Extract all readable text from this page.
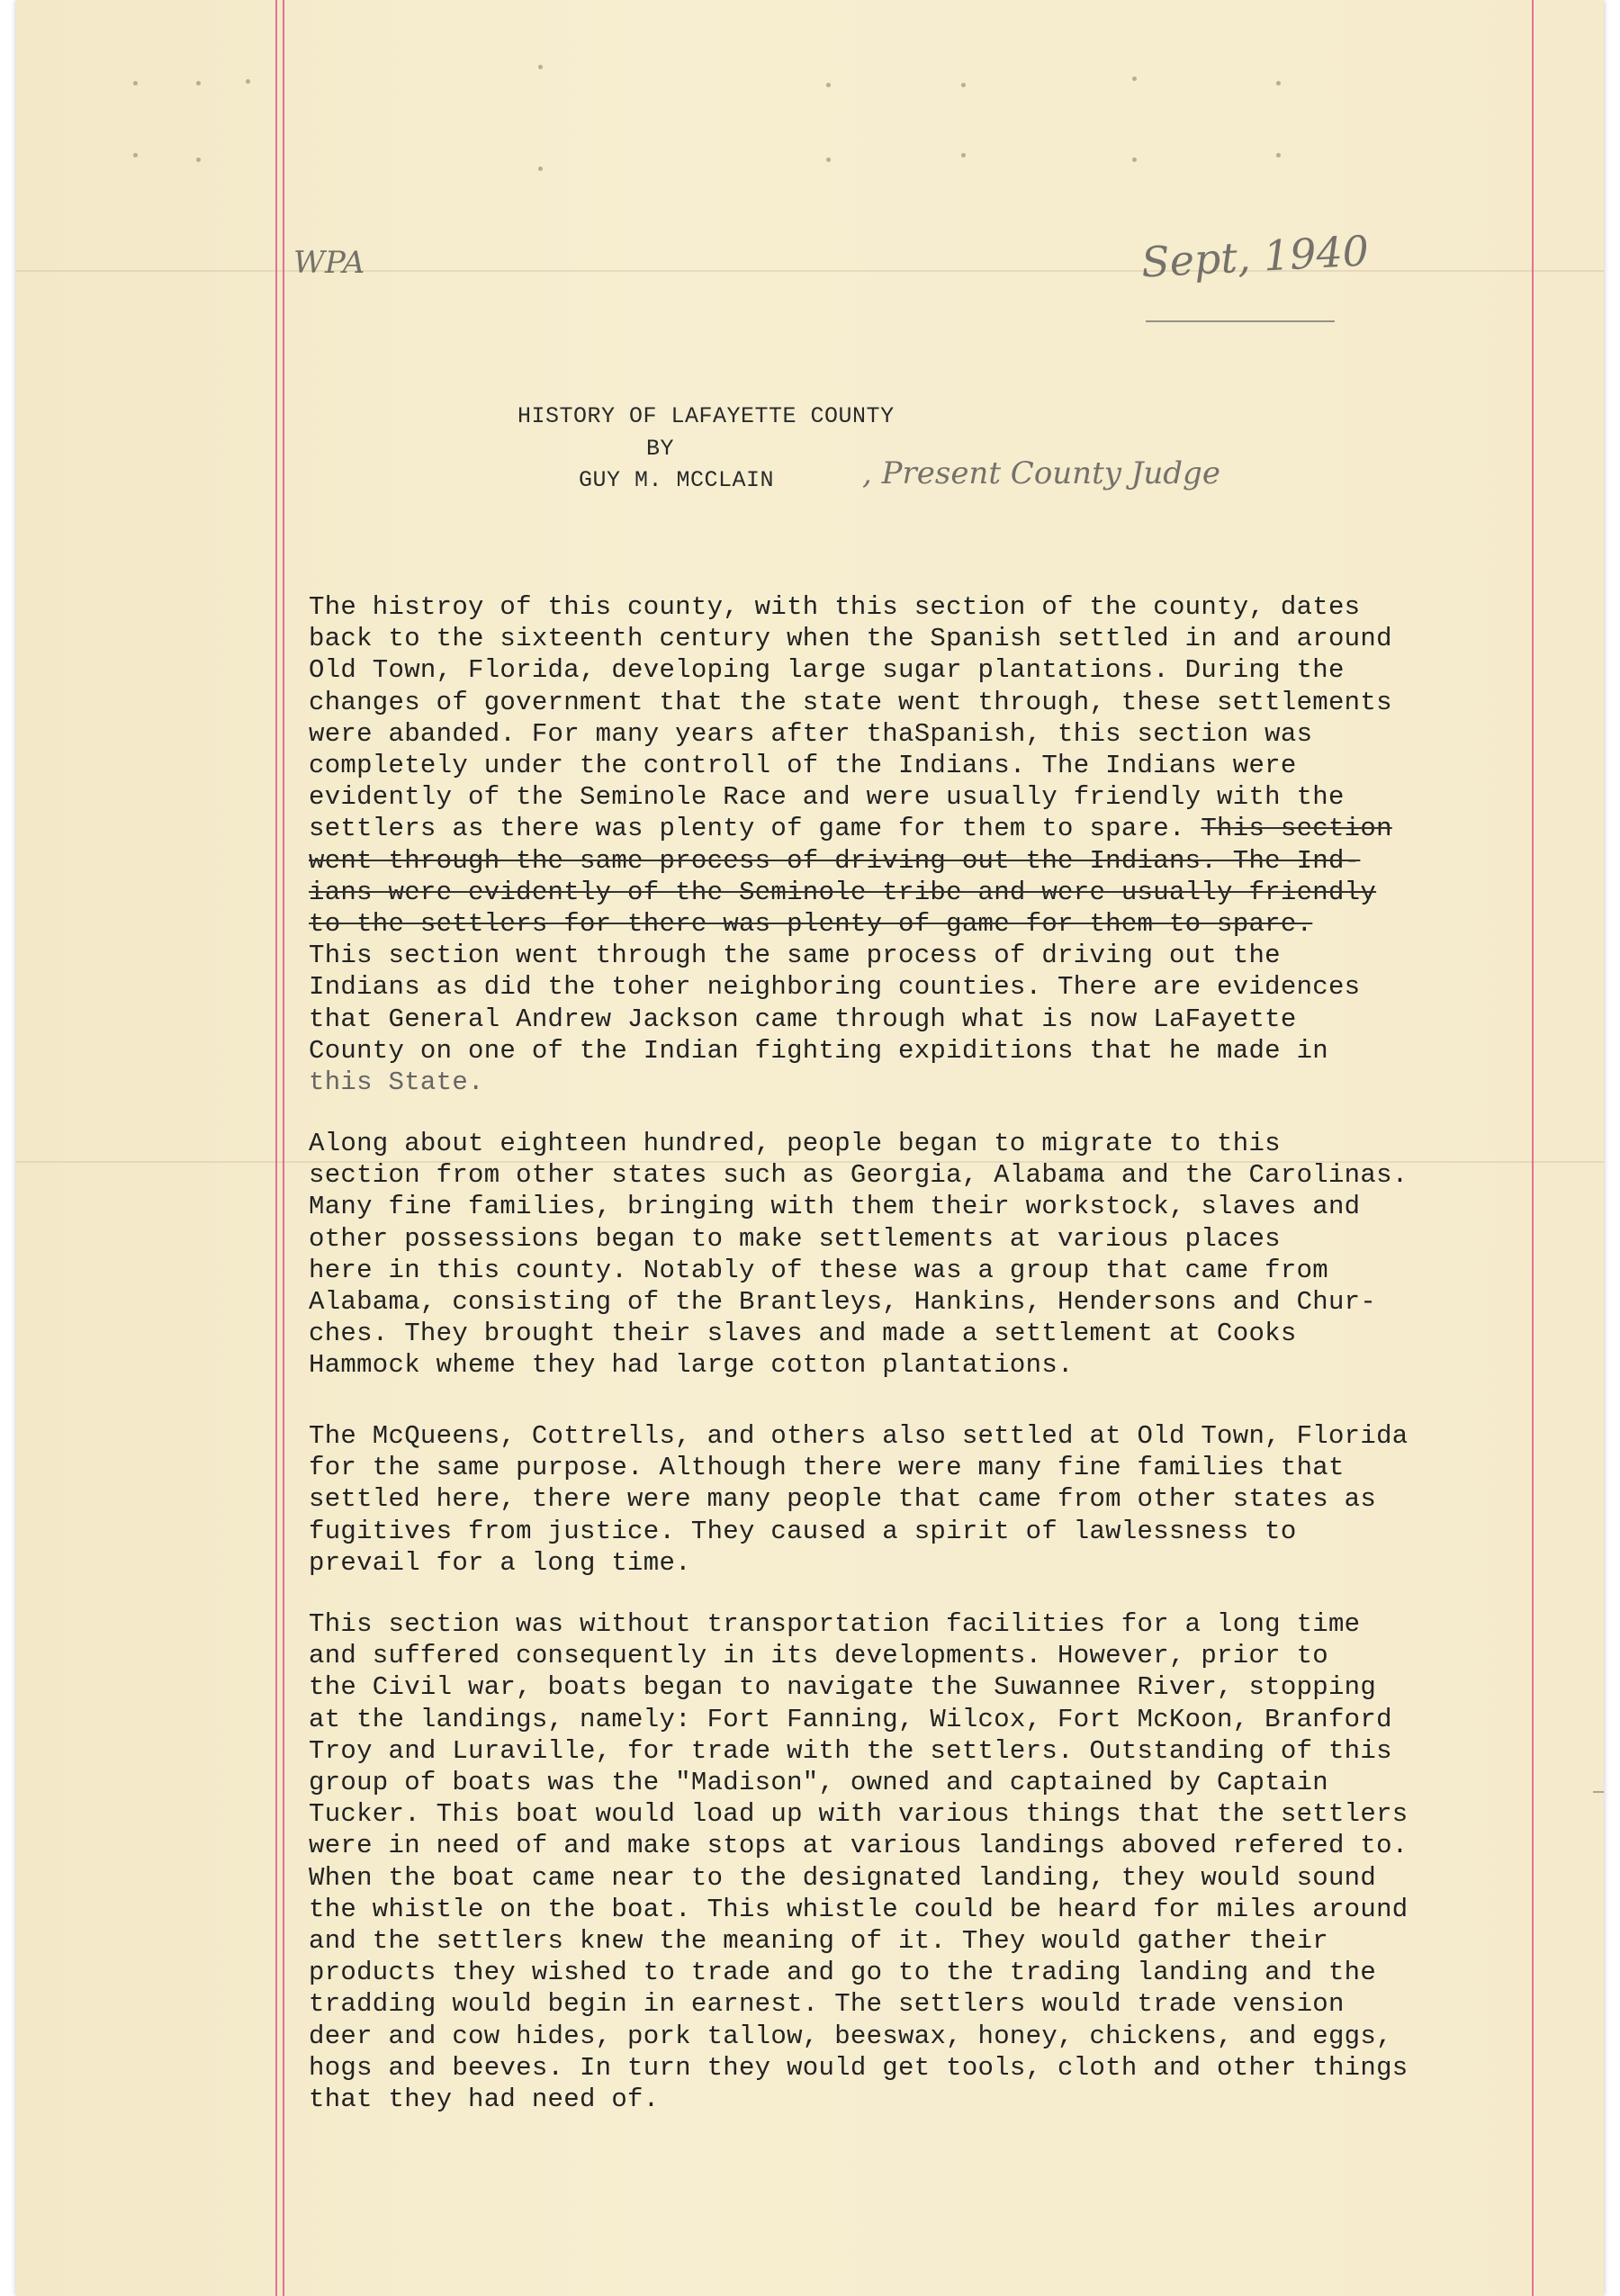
WPA	Sept, 1940
HISTORY OF LAFAYETTE COUNTY
BY
GUY M. MCCLAIN	, Present County Judge
The histroy of this county, with this section of the county, dates
back to the sixteenth century when the Spanish settled in and around
Old Town, Florida, developing large sugar plantations. During the
changes of government that the state went through, these settlements
were abanded. For many years after thaSpanish, this section was
completely under the controll of the Indians. The Indians were
evidently of the Seminole Race and were usually friendly with the
settlers as there was plenty of game for them to spare. This section
went through the same process of driving out the Indians. The Ind-
ians were evidently of the Seminole tribe and were usually friendly
to the settlers for there was plenty of game for them to spare.
This section went through the same process of driving out the
Indians as did the toher neighboring counties. There are evidences
that General Andrew Jackson came through what is now LaFayette
County on one of the Indian fighting expiditions that he made in
this State.
Along about eighteen hundred, people began to migrate to this
section from other states such as Georgia, Alabama and the Carolinas.
Many fine families, bringing with them their workstock, slaves and
other possessions began to make settlements at various places
here in this county. Notably of these was a group that came from
Alabama, consisting of the Brantleys, Hankins, Hendersons and Chur-
ches. They brought their slaves and made a settlement at Cooks
Hammock wheme they had large cotton plantations.
The McQueens, Cottrells, and others also settled at Old Town, Florida
for the same purpose. Although there were many fine families that
settled here, there were many people that came from other states as
fugitives from justice. They caused a spirit of lawlessness to
prevail for a long time.
This section was without transportation facilities for a long time
and suffered consequently in its developments. However, prior to
the Civil war, boats began to navigate the Suwannee River, stopping
at the landings, namely: Fort Fanning, Wilcox, Fort McKoon, Branford
Troy and Luraville, for trade with the settlers. Outstanding of this
group of boats was the "Madison", owned and captained by Captain
Tucker. This boat would load up with various things that the settlers
were in need of and make stops at various landings aboved refered to.
When the boat came near to the designated landing, they would sound
the whistle on the boat. This whistle could be heard for miles around
and the settlers knew the meaning of it. They would gather their
products they wished to trade and go to the trading landing and the
tradding would begin in earnest. The settlers would trade vension
deer and cow hides, pork tallow, beeswax, honey, chickens, and eggs,
hogs and beeves. In turn they would get tools, cloth and other things
that they had need of.
